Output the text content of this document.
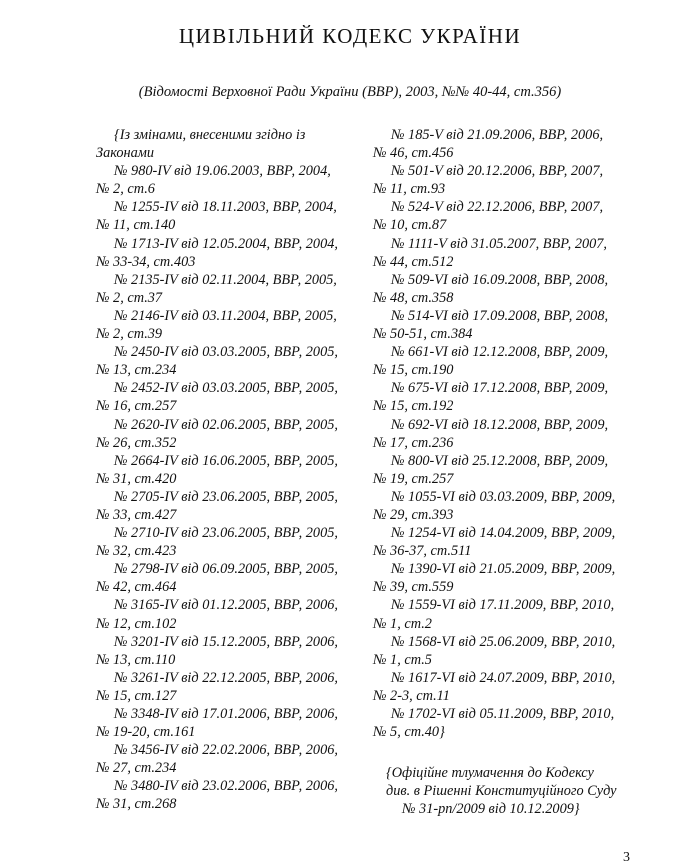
ЦИВІЛЬНИЙ КОДЕКС УКРАЇНИ
(Відомості Верховної Ради України (ВВР), 2003, №№ 40-44, ст.356)
{Із змінами, внесеними згідно із
Законами
№ 980-IV від 19.06.2003, ВВР, 2004,
№ 2, ст.6
№ 1255-IV від 18.11.2003, ВВР, 2004,
№ 11, ст.140
№ 1713-IV від 12.05.2004, ВВР, 2004,
№ 33-34, ст.403
№ 2135-IV від 02.11.2004, ВВР, 2005,
№ 2, ст.37
№ 2146-IV від 03.11.2004, ВВР, 2005,
№ 2, ст.39
№ 2450-IV від 03.03.2005, ВВР, 2005,
№ 13, ст.234
№ 2452-IV від 03.03.2005, ВВР, 2005,
№ 16, ст.257
№ 2620-IV від 02.06.2005, ВВР, 2005,
№ 26, ст.352
№ 2664-IV від 16.06.2005, ВВР, 2005,
№ 31, ст.420
№ 2705-IV від 23.06.2005, ВВР, 2005,
№ 33, ст.427
№ 2710-IV від 23.06.2005, ВВР, 2005,
№ 32, ст.423
№ 2798-IV від 06.09.2005, ВВР, 2005,
№ 42, ст.464
№ 3165-IV від 01.12.2005, ВВР, 2006,
№ 12, ст.102
№ 3201-IV від 15.12.2005, ВВР, 2006,
№ 13, ст.110
№ 3261-IV від 22.12.2005, ВВР, 2006,
№ 15, ст.127
№ 3348-IV від 17.01.2006, ВВР, 2006,
№ 19-20, ст.161
№ 3456-IV від 22.02.2006, ВВР, 2006,
№ 27, ст.234
№ 3480-IV від 23.02.2006, ВВР, 2006,
№ 31, ст.268
№ 185-V від 21.09.2006, ВВР, 2006,
№ 46, ст.456
№ 501-V від 20.12.2006, ВВР, 2007,
№ 11, ст.93
№ 524-V від 22.12.2006, ВВР, 2007,
№ 10, ст.87
№ 1111-V від 31.05.2007, ВВР, 2007,
№ 44, ст.512
№ 509-VI від 16.09.2008, ВВР, 2008,
№ 48, ст.358
№ 514-VI від 17.09.2008, ВВР, 2008,
№ 50-51, ст.384
№ 661-VI від 12.12.2008, ВВР, 2009,
№ 15, ст.190
№ 675-VI від 17.12.2008, ВВР, 2009,
№ 15, ст.192
№ 692-VI від 18.12.2008, ВВР, 2009,
№ 17, ст.236
№ 800-VI від 25.12.2008, ВВР, 2009,
№ 19, ст.257
№ 1055-VI від 03.03.2009, ВВР, 2009,
№ 29, ст.393
№ 1254-VI від 14.04.2009, ВВР, 2009,
№ 36-37, ст.511
№ 1390-VI від 21.05.2009, ВВР, 2009,
№ 39, ст.559
№ 1559-VI від 17.11.2009, ВВР, 2010,
№ 1, ст.2
№ 1568-VI від 25.06.2009, ВВР, 2010,
№ 1, ст.5
№ 1617-VI від 24.07.2009, ВВР, 2010,
№ 2-3, ст.11
№ 1702-VI від 05.11.2009, ВВР, 2010,
№ 5, ст.40}
{Офіційне тлумачення до Кодексу
див. в Рішенні Конституційного Суду
№ 31-рп/2009 від 10.12.2009}
3
